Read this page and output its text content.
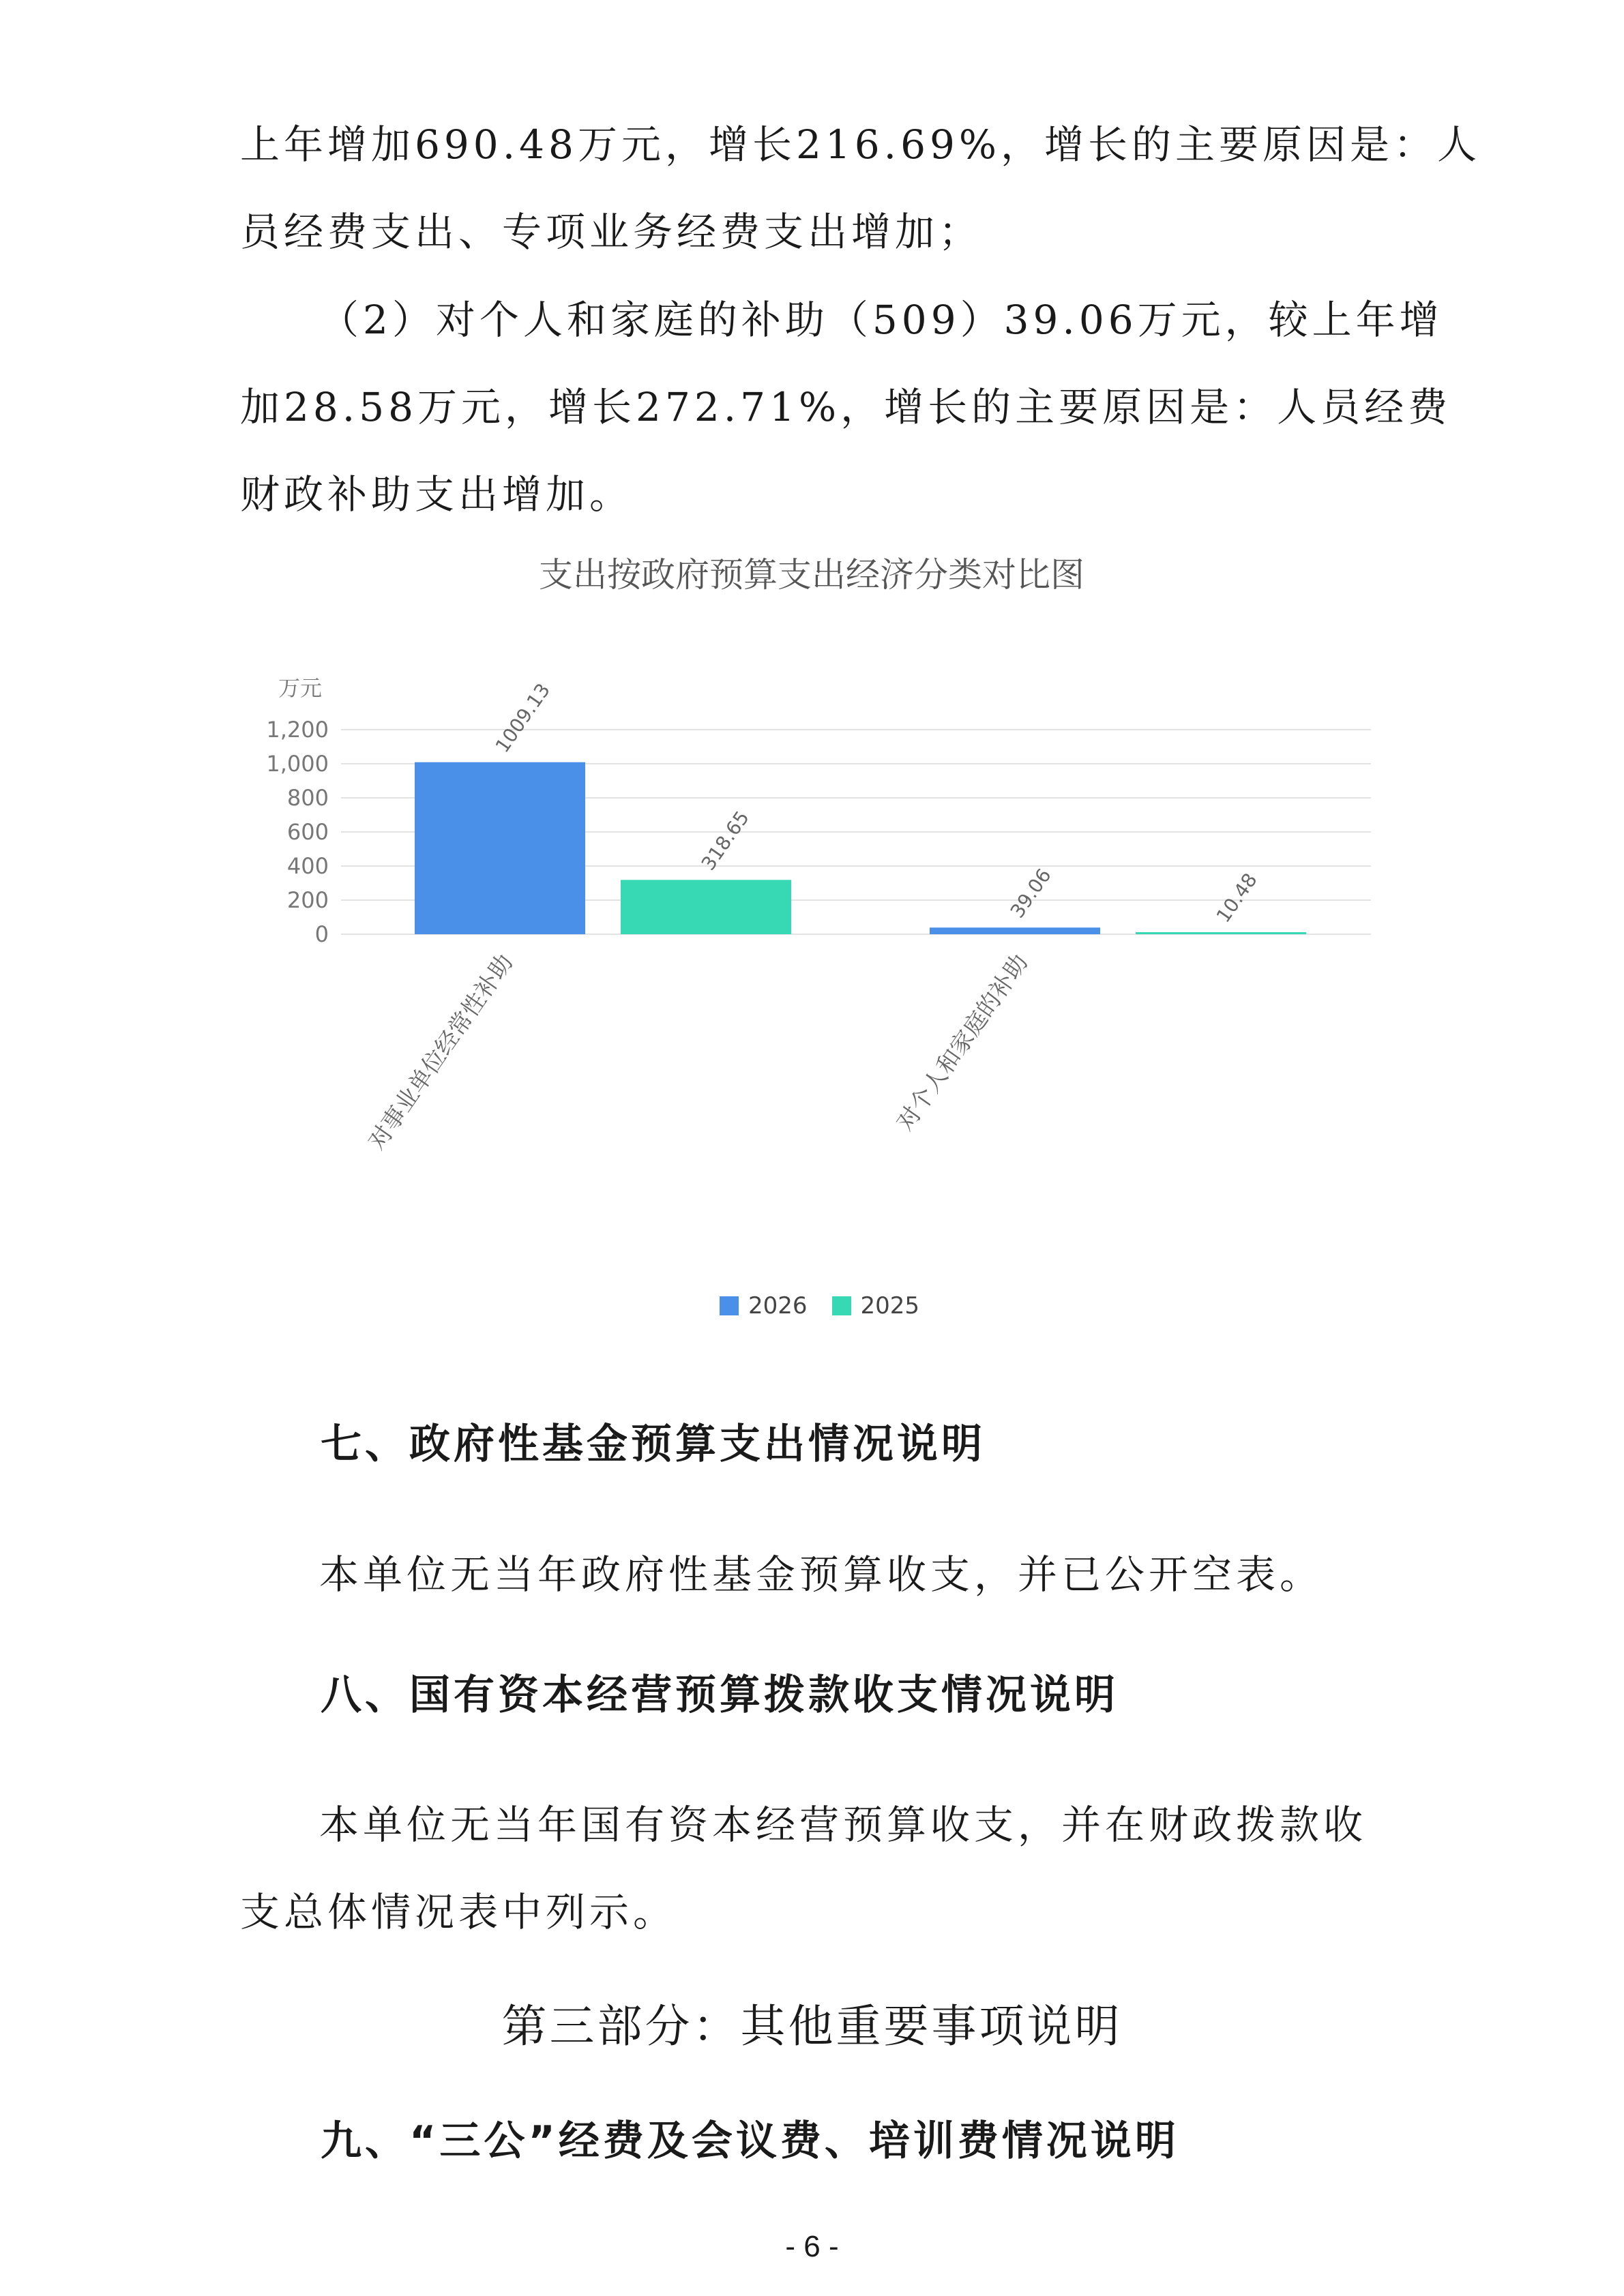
上年增加690.48万元，增长216.69%，增长的主要原因是：人
员经费支出、专项业务经费支出增加；
（2）对个人和家庭的补助（509）39.06万元，较上年增
加28.58万元，增长272.71%，增长的主要原因是：人员经费
财政补助支出增加。
支出按政府预算支出经济分类对比图
万元
1,200
1,000
800
600
400
200
0
1009.13
318.65
39.06	10.48
对事业单位经常性补助	对个人和家庭的补助
2026 2025
七、政府性基金预算支出情况说明
本单位无当年政府性基金预算收支，并已公开空表。
八、国有资本经营预算拨款收支情况说明
本单位无当年国有资本经营预算收支，并在财政拨款收
支总体情况表中列示。
第三部分：其他重要事项说明
九、“三公”经费及会议费、培训费情况说明
- 6 -
